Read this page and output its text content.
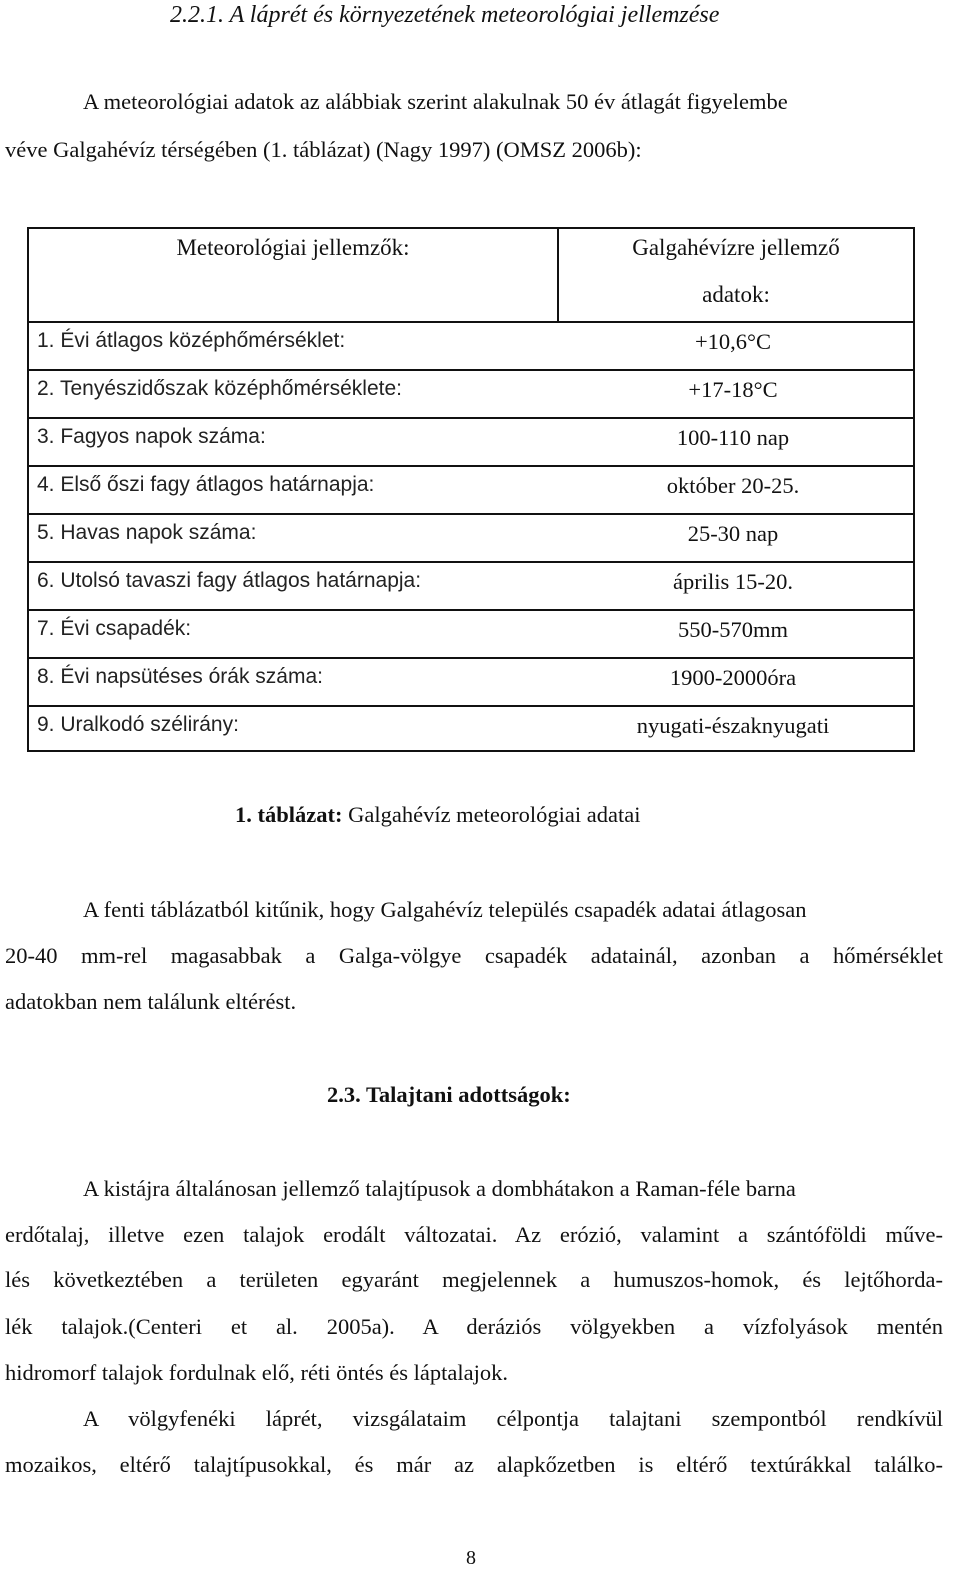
2.2.1. A láprét és környezetének meteorológiai jellemzése
A meteorológiai adatok az alábbiak szerint alakulnak 50 év átlagát figyelembe
véve Galgahévíz térségében (1. táblázat) (Nagy 1997) (OMSZ 2006b):
Meteorológiai jellemzők:	Galgahévízre jellemző
adatok:
1. Évi átlagos középhőmérséklet:	+10,6°C
2. Tenyészidőszak középhőmérséklete:	+17-18°C
3. Fagyos napok száma:	100-110 nap
4. Első őszi fagy átlagos határnapja:	október 20-25.
5. Havas napok száma:	25-30 nap
6. Utolsó tavaszi fagy átlagos határnapja:	április 15-20.
7. Évi csapadék:	550-570mm
8. Évi napsütéses órák száma:	1900-2000óra
9. Uralkodó szélirány:	nyugati-északnyugati
1. táblázat: Galgahévíz meteorológiai adatai
A fenti táblázatból kitűnik, hogy Galgahévíz település csapadék adatai átlagosan
20-40 mm-rel magasabbak a Galga-völgye csapadék adatainál, azonban a hőmérséklet
adatokban nem találunk eltérést.
2.3. Talajtani adottságok:
A kistájra általánosan jellemző talajtípusok a dombhátakon a Raman-féle barna
erdőtalaj, illetve ezen talajok erodált változatai. Az erózió, valamint a szántóföldi műve-
lés következtében a területen egyaránt megjelennek a humuszos-homok, és lejtőhorda-
lék talajok.(Centeri et al. 2005a). A deráziós völgyekben a vízfolyások mentén
hidromorf talajok fordulnak elő, réti öntés és láptalajok.
A völgyfenéki láprét, vizsgálataim célpontja talajtani szempontból rendkívül
mozaikos, eltérő talajtípusokkal, és már az alapkőzetben is eltérő textúrákkal találko-
8
